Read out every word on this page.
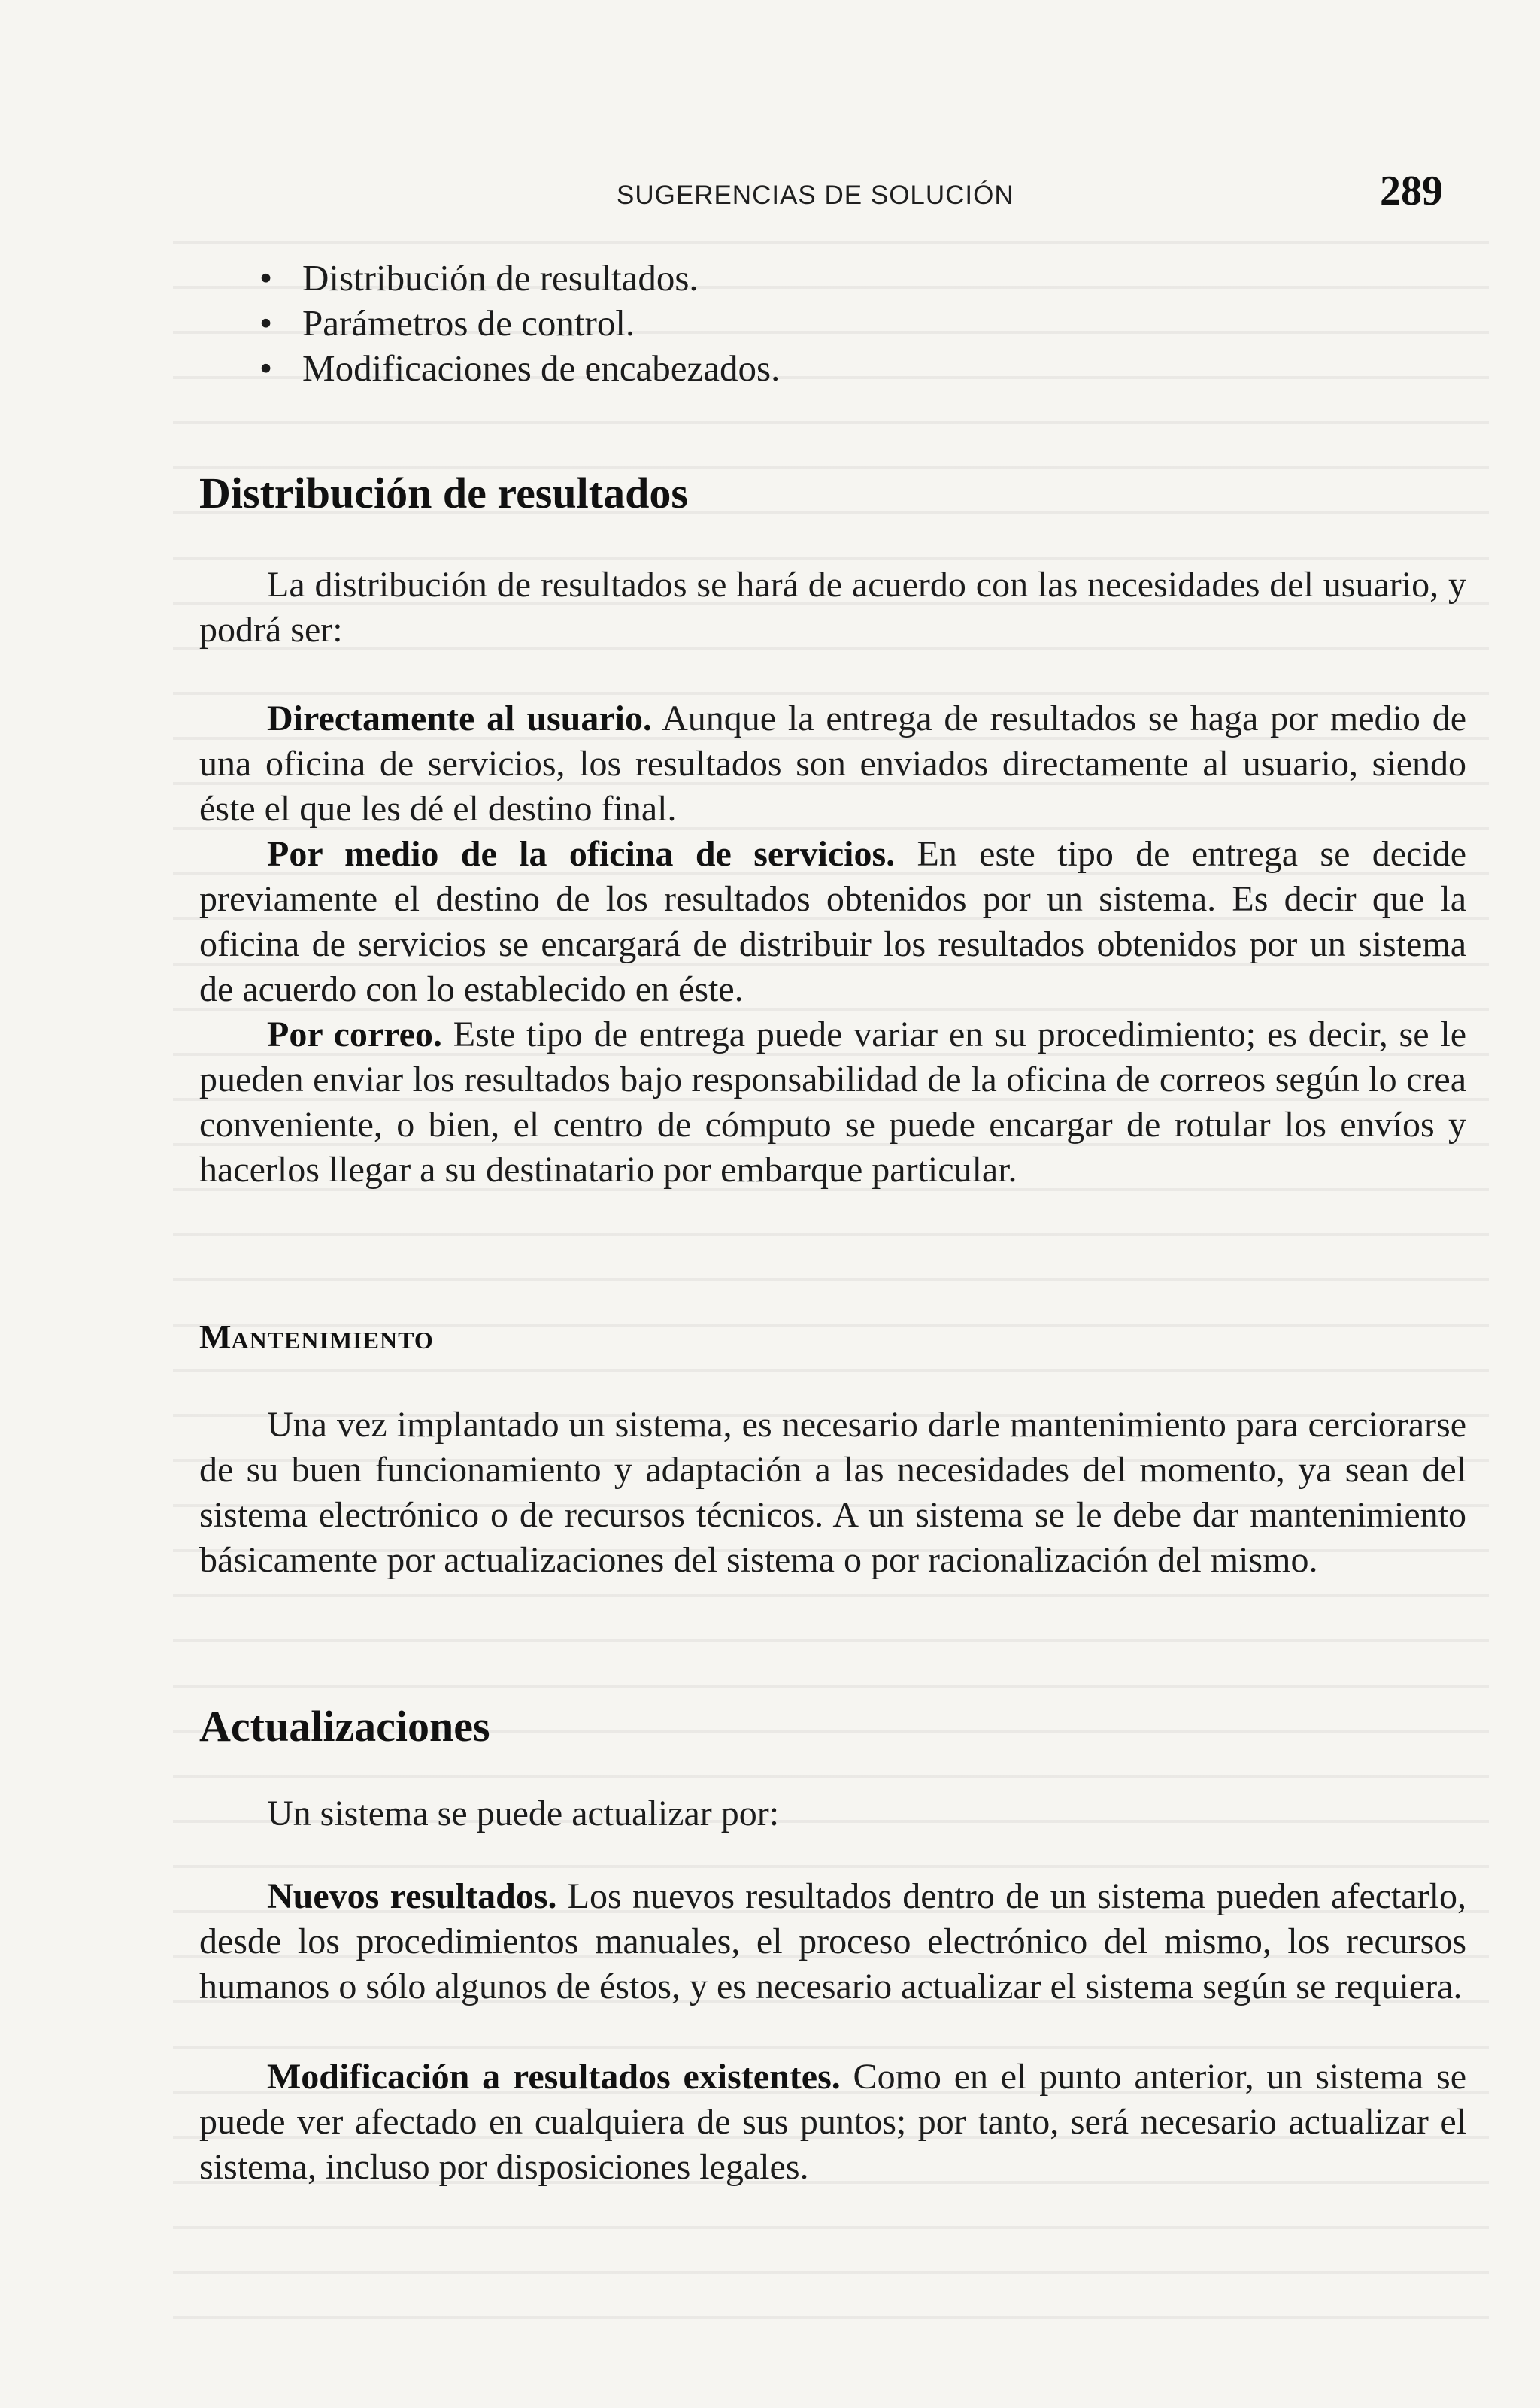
SUGERENCIAS DE SOLUCIÓN	289
• Distribución de resultados.
• Parámetros de control.
• Modificaciones de encabezados.
Distribución de resultados

La distribución de resultados se hará de acuerdo con las necesidades del usuario, y podrá ser:

Directamente al usuario. Aunque la entrega de resultados se haga por medio de una oficina de servicios, los resultados son enviados directamente al usuario, siendo éste el que les dé el destino final.

Por medio de la oficina de servicios. En este tipo de entrega se decide previamente el destino de los resultados obtenidos por un sistema. Es decir que la oficina de servicios se encargará de distribuir los resultados obtenidos por un sistema de acuerdo con lo establecido en éste.

Por correo. Este tipo de entrega puede variar en su procedimiento; es decir, se le pueden enviar los resultados bajo responsabilidad de la oficina de correos según lo crea conveniente, o bien, el centro de cómputo se puede encargar de rotular los envíos y hacerlos llegar a su destinatario por embarque particular.

MANTENIMIENTO

Una vez implantado un sistema, es necesario darle mantenimiento para cerciorarse de su buen funcionamiento y adaptación a las necesidades del momento, ya sean del sistema electrónico o de recursos técnicos. A un sistema se le debe dar mantenimiento básicamente por actualizaciones del sistema o por racionalización del mismo.

Actualizaciones

Un sistema se puede actualizar por:

Nuevos resultados. Los nuevos resultados dentro de un sistema pueden afectarlo, desde los procedimientos manuales, el proceso electrónico del mismo, los recursos humanos o sólo algunos de éstos, y es necesario actualizar el sistema según se requiera.

Modificación a resultados existentes. Como en el punto anterior, un sistema se puede ver afectado en cualquiera de sus puntos; por tanto, será necesario actualizar el sistema, incluso por disposiciones legales.
